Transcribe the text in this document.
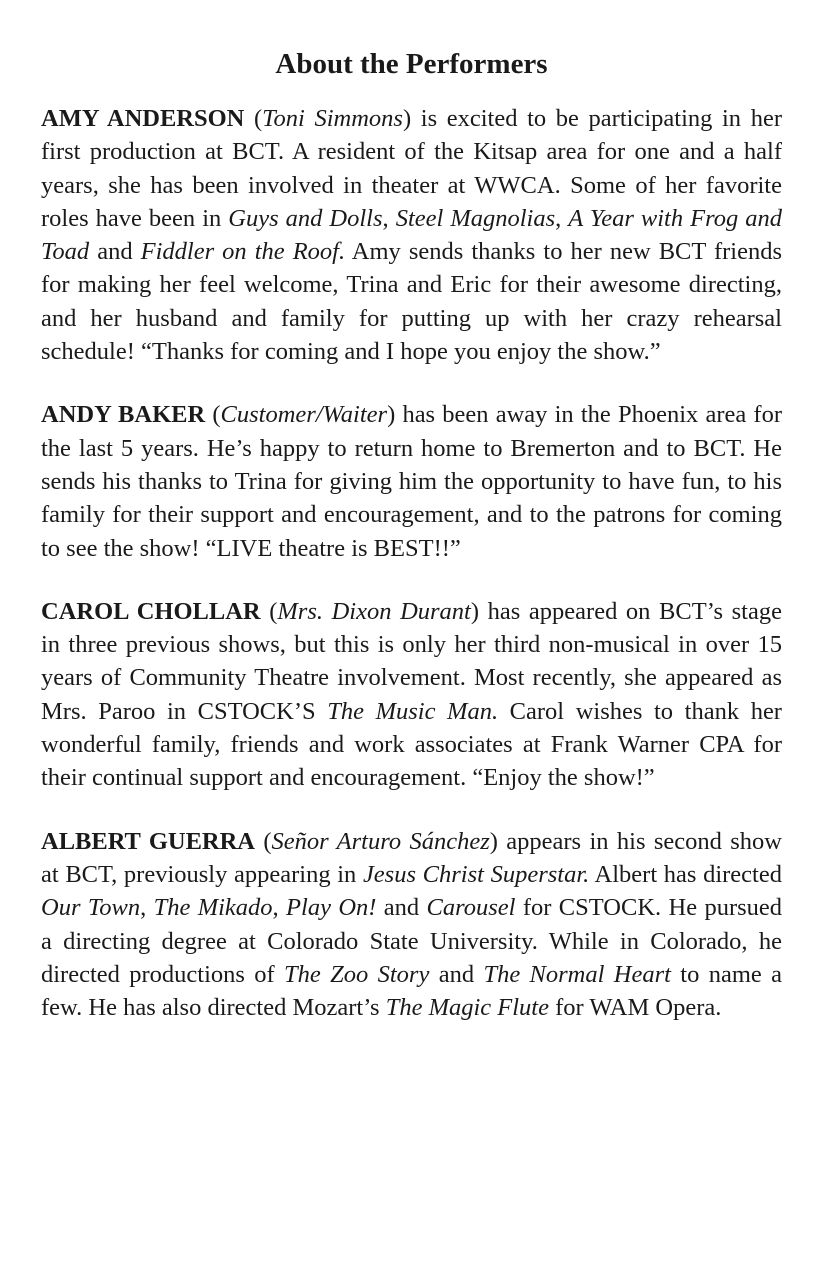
About the Performers

AMY ANDERSON (Toni Simmons) is excited to be participating in her first production at BCT. A resident of the Kitsap area for one and a half years, she has been involved in theater at WWCA. Some of her favorite roles have been in Guys and Dolls, Steel Magnolias, A Year with Frog and Toad and Fiddler on the Roof. Amy sends thanks to her new BCT friends for making her feel welcome, Trina and Eric for their awesome directing, and her husband and family for putting up with her crazy rehearsal schedule! “Thanks for coming and I hope you enjoy the show.”

ANDY BAKER (Customer/Waiter) has been away in the Phoenix area for the last 5 years. He’s happy to return home to Bremerton and to BCT. He sends his thanks to Trina for giving him the opportunity to have fun, to his family for their support and encouragement, and to the patrons for coming to see the show! “LIVE theatre is BEST!!”

CAROL CHOLLAR (Mrs. Dixon Durant) has appeared on BCT’s stage in three previous shows, but this is only her third non-musical in over 15 years of Community Theatre involvement. Most recently, she appeared as Mrs. Paroo in CSTOCK’S The Music Man. Carol wishes to thank her wonderful family, friends and work associates at Frank Warner CPA for their continual support and encouragement. “Enjoy the show!”

ALBERT GUERRA (Señor Arturo Sánchez) appears in his second show at BCT, previously appearing in Jesus Christ Superstar. Albert has directed Our Town, The Mikado, Play On! and Carousel for CSTOCK. He pursued a directing degree at Colorado State University. While in Colorado, he directed productions of The Zoo Story and The Normal Heart to name a few. He has also directed Mozart’s The Magic Flute for WAM Opera.
